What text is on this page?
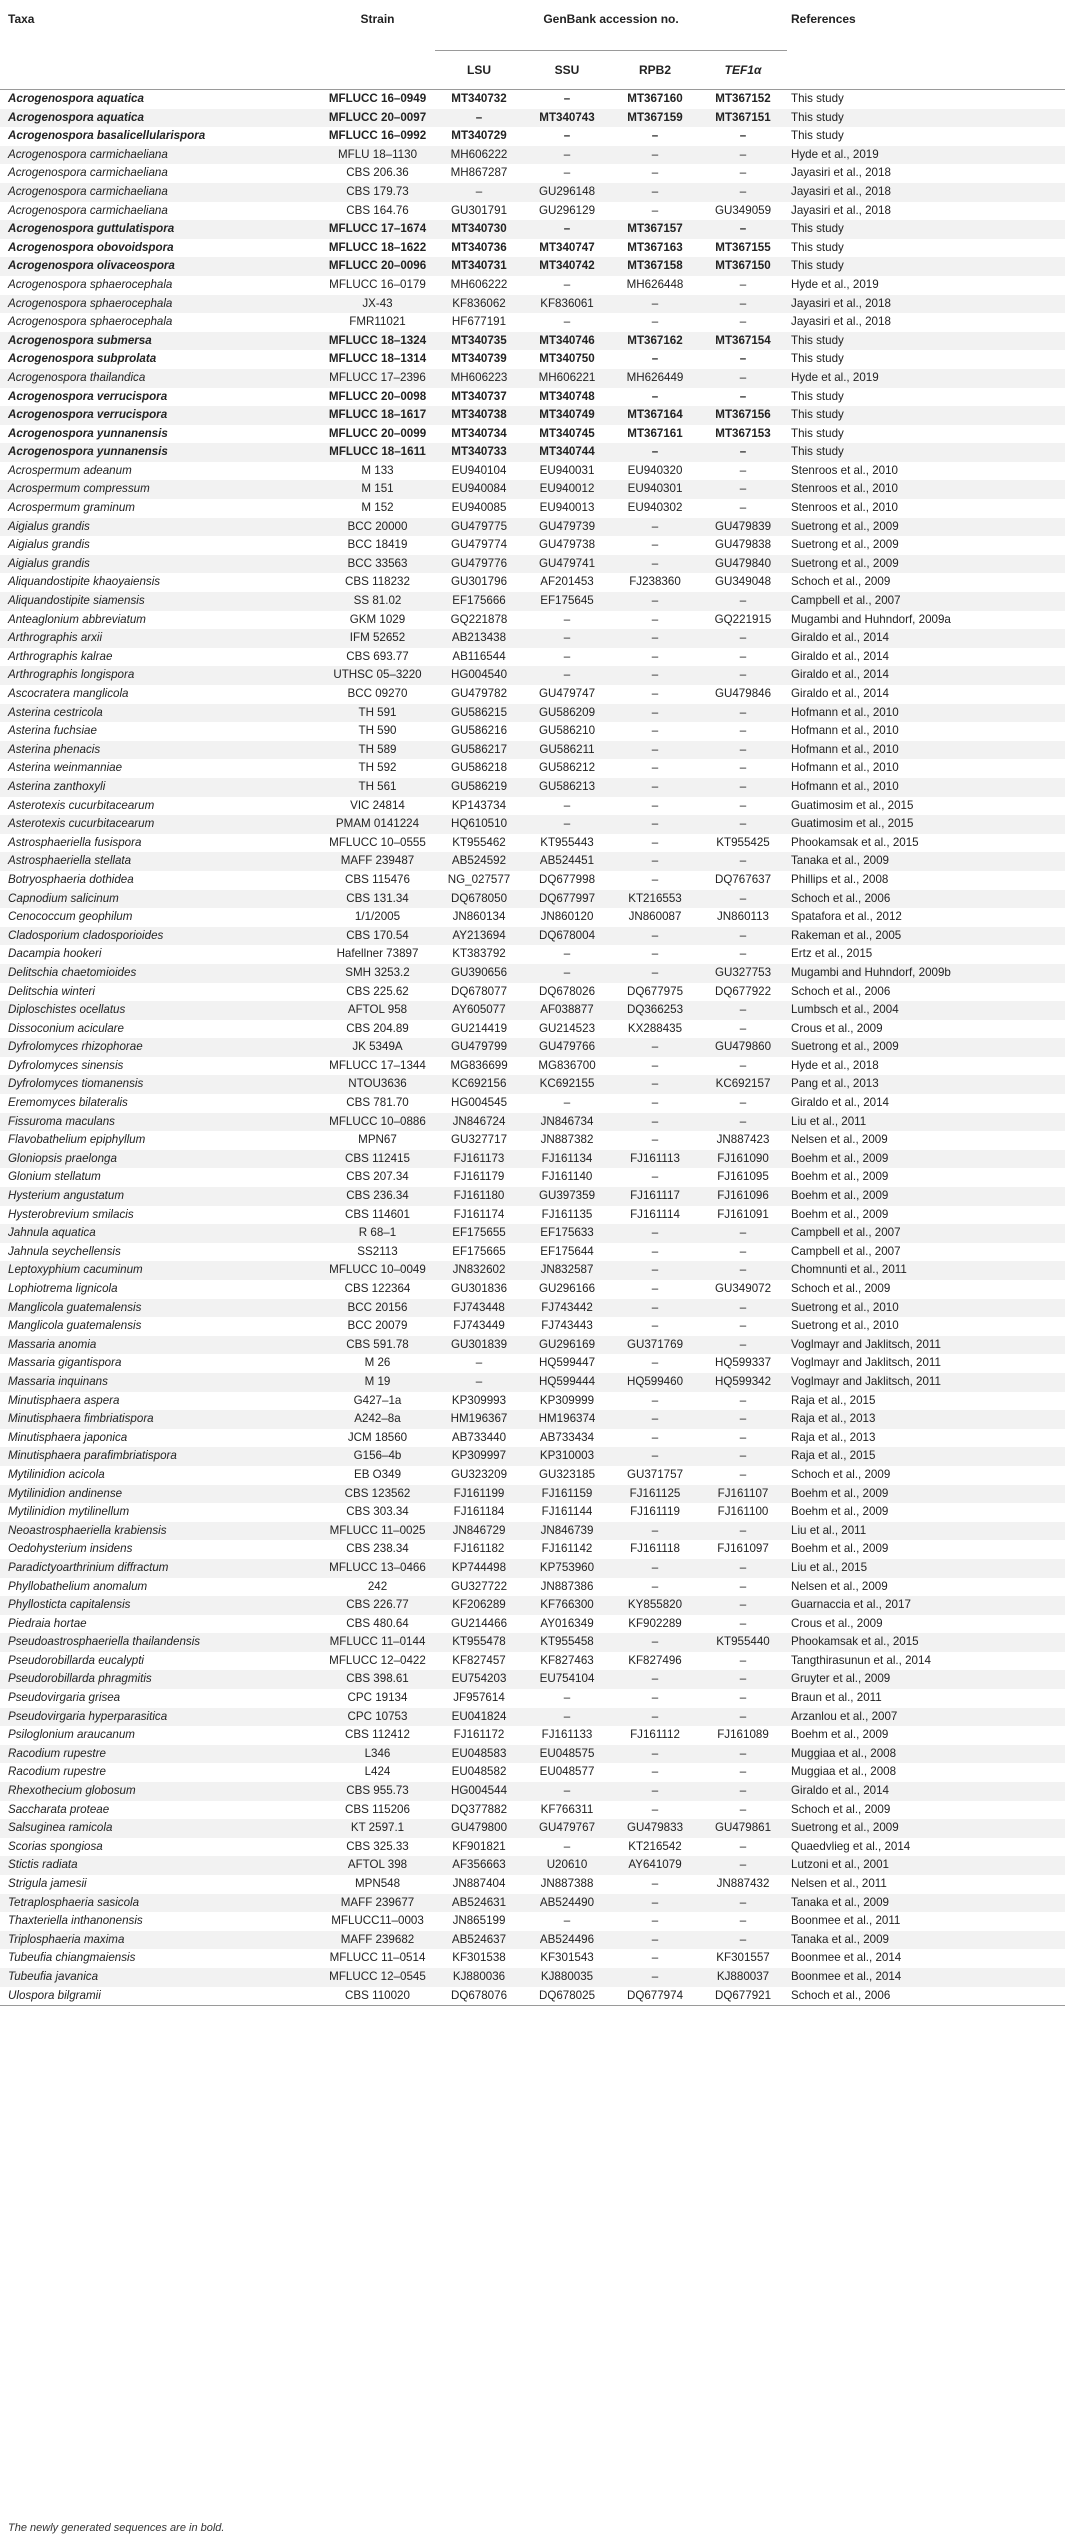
Taxa	Strain	GenBank accession no.				References
		LSU	SSU	RPB2	TEF1α	
Acrogenospora aquatica	MFLUCC 16–0949	MT340732	–	MT367160	MT367152	This study
Acrogenospora aquatica	MFLUCC 20–0097	–	MT340743	MT367159	MT367151	This study
Acrogenospora basalicellularispora	MFLUCC 16–0992	MT340729	–	–	–	This study
Acrogenospora carmichaeliana	MFLU 18–1130	MH606222	–	–	–	Hyde et al., 2019
Acrogenospora carmichaeliana	CBS 206.36	MH867287	–	–	–	Jayasiri et al., 2018
Acrogenospora carmichaeliana	CBS 179.73	–	GU296148	–	–	Jayasiri et al., 2018
Acrogenospora carmichaeliana	CBS 164.76	GU301791	GU296129	–	GU349059	Jayasiri et al., 2018
Acrogenospora guttulatispora	MFLUCC 17–1674	MT340730	–	MT367157	–	This study
Acrogenospora obovoidspora	MFLUCC 18–1622	MT340736	MT340747	MT367163	MT367155	This study
Acrogenospora olivaceospora	MFLUCC 20–0096	MT340731	MT340742	MT367158	MT367150	This study
Acrogenospora sphaerocephala	MFLUCC 16–0179	MH606222	–	MH626448	–	Hyde et al., 2019
Acrogenospora sphaerocephala	JX-43	KF836062	KF836061	–	–	Jayasiri et al., 2018
Acrogenospora sphaerocephala	FMR11021	HF677191	–	–	–	Jayasiri et al., 2018
Acrogenospora submersa	MFLUCC 18–1324	MT340735	MT340746	MT367162	MT367154	This study
Acrogenospora subprolata	MFLUCC 18–1314	MT340739	MT340750	–	–	This study
Acrogenospora thailandica	MFLUCC 17–2396	MH606223	MH606221	MH626449	–	Hyde et al., 2019
Acrogenospora verrucispora	MFLUCC 20–0098	MT340737	MT340748	–	–	This study
Acrogenospora verrucispora	MFLUCC 18–1617	MT340738	MT340749	MT367164	MT367156	This study
Acrogenospora yunnanensis	MFLUCC 20–0099	MT340734	MT340745	MT367161	MT367153	This study
Acrogenospora yunnanensis	MFLUCC 18–1611	MT340733	MT340744	–	–	This study
Acrospermum adeanum	M 133	EU940104	EU940031	EU940320	–	Stenroos et al., 2010
Acrospermum compressum	M 151	EU940084	EU940012	EU940301	–	Stenroos et al., 2010
Acrospermum graminum	M 152	EU940085	EU940013	EU940302	–	Stenroos et al., 2010
Aigialus grandis	BCC 20000	GU479775	GU479739	–	GU479839	Suetrong et al., 2009
Aigialus grandis	BCC 18419	GU479774	GU479738	–	GU479838	Suetrong et al., 2009
Aigialus grandis	BCC 33563	GU479776	GU479741	–	GU479840	Suetrong et al., 2009
Aliquandostipite khaoyaiensis	CBS 118232	GU301796	AF201453	FJ238360	GU349048	Schoch et al., 2009
Aliquandostipite siamensis	SS 81.02	EF175666	EF175645	–	–	Campbell et al., 2007
Anteaglonium abbreviatum	GKM 1029	GQ221878	–	–	GQ221915	Mugambi and Huhndorf, 2009a
Arthrographis arxii	IFM 52652	AB213438	–	–	–	Giraldo et al., 2014
Arthrographis kalrae	CBS 693.77	AB116544	–	–	–	Giraldo et al., 2014
Arthrographis longispora	UTHSC 05–3220	HG004540	–	–	–	Giraldo et al., 2014
Ascocratera manglicola	BCC 09270	GU479782	GU479747	–	GU479846	Giraldo et al., 2014
Asterina cestricola	TH 591	GU586215	GU586209	–	–	Hofmann et al., 2010
Asterina fuchsiae	TH 590	GU586216	GU586210	–	–	Hofmann et al., 2010
Asterina phenacis	TH 589	GU586217	GU586211	–	–	Hofmann et al., 2010
Asterina weinmanniae	TH 592	GU586218	GU586212	–	–	Hofmann et al., 2010
Asterina zanthoxyli	TH 561	GU586219	GU586213	–	–	Hofmann et al., 2010
Asterotexis cucurbitacearum	VIC 24814	KP143734	–	–	–	Guatimosim et al., 2015
Asterotexis cucurbitacearum	PMAM 0141224	HQ610510	–	–	–	Guatimosim et al., 2015
Astrosphaeriella fusispora	MFLUCC 10–0555	KT955462	KT955443	–	KT955425	Phookamsak et al., 2015
Astrosphaeriella stellata	MAFF 239487	AB524592	AB524451	–	–	Tanaka et al., 2009
Botryosphaeria dothidea	CBS 115476	NG_027577	DQ677998	–	DQ767637	Phillips et al., 2008
Capnodium salicinum	CBS 131.34	DQ678050	DQ677997	KT216553	–	Schoch et al., 2006
Cenococcum geophilum	1/1/2005	JN860134	JN860120	JN860087	JN860113	Spatafora et al., 2012
Cladosporium cladosporioides	CBS 170.54	AY213694	DQ678004	–	–	Rakeman et al., 2005
Dacampia hookeri	Hafellner 73897	KT383792	–	–	–	Ertz et al., 2015
Delitschia chaetomioides	SMH 3253.2	GU390656	–	–	GU327753	Mugambi and Huhndorf, 2009b
Delitschia winteri	CBS 225.62	DQ678077	DQ678026	DQ677975	DQ677922	Schoch et al., 2006
Diploschistes ocellatus	AFTOL 958	AY605077	AF038877	DQ366253	–	Lumbsch et al., 2004
Dissoconium aciculare	CBS 204.89	GU214419	GU214523	KX288435	–	Crous et al., 2009
Dyfrolomyces rhizophorae	JK 5349A	GU479799	GU479766	–	GU479860	Suetrong et al., 2009
Dyfrolomyces sinensis	MFLUCC 17–1344	MG836699	MG836700	–	–	Hyde et al., 2018
Dyfrolomyces tiomanensis	NTOU3636	KC692156	KC692155	–	KC692157	Pang et al., 2013
Eremomyces bilateralis	CBS 781.70	HG004545	–	–	–	Giraldo et al., 2014
Fissuroma maculans	MFLUCC 10–0886	JN846724	JN846734	–	–	Liu et al., 2011
Flavobathelium epiphyllum	MPN67	GU327717	JN887382	–	JN887423	Nelsen et al., 2009
Gloniopsis praelonga	CBS 112415	FJ161173	FJ161134	FJ161113	FJ161090	Boehm et al., 2009
Glonium stellatum	CBS 207.34	FJ161179	FJ161140	–	FJ161095	Boehm et al., 2009
Hysterium angustatum	CBS 236.34	FJ161180	GU397359	FJ161117	FJ161096	Boehm et al., 2009
Hysterobrevium smilacis	CBS 114601	FJ161174	FJ161135	FJ161114	FJ161091	Boehm et al., 2009
Jahnula aquatica	R 68–1	EF175655	EF175633	–	–	Campbell et al., 2007
Jahnula seychellensis	SS2113	EF175665	EF175644	–	–	Campbell et al., 2007
Leptoxyphium cacuminum	MFLUCC 10–0049	JN832602	JN832587	–	–	Chomnunti et al., 2011
Lophiotrema lignicola	CBS 122364	GU301836	GU296166	–	GU349072	Schoch et al., 2009
Manglicola guatemalensis	BCC 20156	FJ743448	FJ743442	–	–	Suetrong et al., 2010
Manglicola guatemalensis	BCC 20079	FJ743449	FJ743443	–	–	Suetrong et al., 2010
Massaria anomia	CBS 591.78	GU301839	GU296169	GU371769	–	Voglmayr and Jaklitsch, 2011
Massaria gigantispora	M 26	–	HQ599447	–	HQ599337	Voglmayr and Jaklitsch, 2011
Massaria inquinans	M 19	–	HQ599444	HQ599460	HQ599342	Voglmayr and Jaklitsch, 2011
Minutisphaera aspera	G427–1a	KP309993	KP309999	–	–	Raja et al., 2015
Minutisphaera fimbriatispora	A242–8a	HM196367	HM196374	–	–	Raja et al., 2013
Minutisphaera japonica	JCM 18560	AB733440	AB733434	–	–	Raja et al., 2013
Minutisphaera parafimbriatispora	G156–4b	KP309997	KP310003	–	–	Raja et al., 2015
Mytilinidion acicola	EB O349	GU323209	GU323185	GU371757	–	Schoch et al., 2009
Mytilinidion andinense	CBS 123562	FJ161199	FJ161159	FJ161125	FJ161107	Boehm et al., 2009
Mytilinidion mytilinellum	CBS 303.34	FJ161184	FJ161144	FJ161119	FJ161100	Boehm et al., 2009
Neoastrosphaeriella krabiensis	MFLUCC 11–0025	JN846729	JN846739	–	–	Liu et al., 2011
Oedohysterium insidens	CBS 238.34	FJ161182	FJ161142	FJ161118	FJ161097	Boehm et al., 2009
Paradictyoarthrinium diffractum	MFLUCC 13–0466	KP744498	KP753960	–	–	Liu et al., 2015
Phyllobathelium anomalum	242	GU327722	JN887386	–	–	Nelsen et al., 2009
Phyllosticta capitalensis	CBS 226.77	KF206289	KF766300	KY855820	–	Guarnaccia et al., 2017
Piedraia hortae	CBS 480.64	GU214466	AY016349	KF902289	–	Crous et al., 2009
Pseudoastrosphaeriella thailandensis	MFLUCC 11–0144	KT955478	KT955458	–	KT955440	Phookamsak et al., 2015
Pseudorobillarda eucalypti	MFLUCC 12–0422	KF827457	KF827463	KF827496	–	Tangthirasunun et al., 2014
Pseudorobillarda phragmitis	CBS 398.61	EU754203	EU754104	–	–	Gruyter et al., 2009
Pseudovirgaria grisea	CPC 19134	JF957614	–	–	–	Braun et al., 2011
Pseudovirgaria hyperparasitica	CPC 10753	EU041824	–	–	–	Arzanlou et al., 2007
Psiloglonium araucanum	CBS 112412	FJ161172	FJ161133	FJ161112	FJ161089	Boehm et al., 2009
Racodium rupestre	L346	EU048583	EU048575	–	–	Muggiaa et al., 2008
Racodium rupestre	L424	EU048582	EU048577	–	–	Muggiaa et al., 2008
Rhexothecium globosum	CBS 955.73	HG004544	–	–	–	Giraldo et al., 2014
Saccharata proteae	CBS 115206	DQ377882	KF766311	–	–	Schoch et al., 2009
Salsuginea ramicola	KT 2597.1	GU479800	GU479767	GU479833	GU479861	Suetrong et al., 2009
Scorias spongiosa	CBS 325.33	KF901821	–	KT216542	–	Quaedvlieg et al., 2014
Stictis radiata	AFTOL 398	AF356663	U20610	AY641079	–	Lutzoni et al., 2001
Strigula jamesii	MPN548	JN887404	JN887388	–	JN887432	Nelsen et al., 2011
Tetraplosphaeria sasicola	MAFF 239677	AB524631	AB524490	–	–	Tanaka et al., 2009
Thaxteriella inthanonensis	MFLUCC11–0003	JN865199	–	–	–	Boonmee et al., 2011
Triplosphaeria maxima	MAFF 239682	AB524637	AB524496	–	–	Tanaka et al., 2009
Tubeufia chiangmaiensis	MFLUCC 11–0514	KF301538	KF301543	–	KF301557	Boonmee et al., 2014
Tubeufia javanica	MFLUCC 12–0545	KJ880036	KJ880035	–	KJ880037	Boonmee et al., 2014
Ulospora bilgramii	CBS 110020	DQ678076	DQ678025	DQ677974	DQ677921	Schoch et al., 2006
The newly generated sequences are in bold.
